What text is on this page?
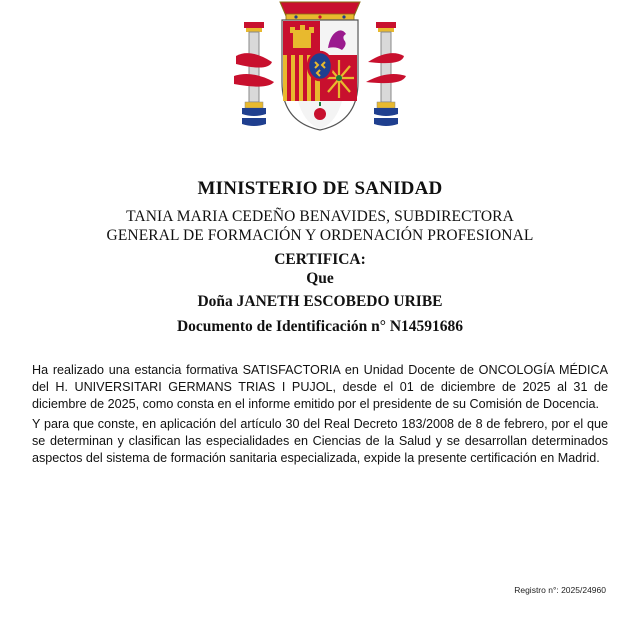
MINISTERIO DE SANIDAD
TANIA MARIA CEDEÑO BENAVIDES, SUBDIRECTORA
GENERAL DE FORMACIÓN Y ORDENACIÓN PROFESIONAL
CERTIFICA:
Que
Doña JANETH ESCOBEDO URIBE
Documento de Identificación n° N14591686

Ha realizado una estancia formativa SATISFACTORIA en Unidad Docente de ONCOLOGÍA MÉDICA del H. UNIVERSITARI GERMANS TRIAS I PUJOL, desde el 01 de diciembre de 2025 al 31 de diciembre de 2025, como consta en el informe emitido por el presidente de su Comisión de Docencia.

Y para que conste, en aplicación del artículo 30 del Real Decreto 183/2008 de 8 de febrero, por el que se determinan y clasifican las especialidades en Ciencias de la Salud y se desarrollan determinados aspectos del sistema de formación sanitaria especializada, expide la presente certificación en Madrid.

Registro n°: 2025/24960
